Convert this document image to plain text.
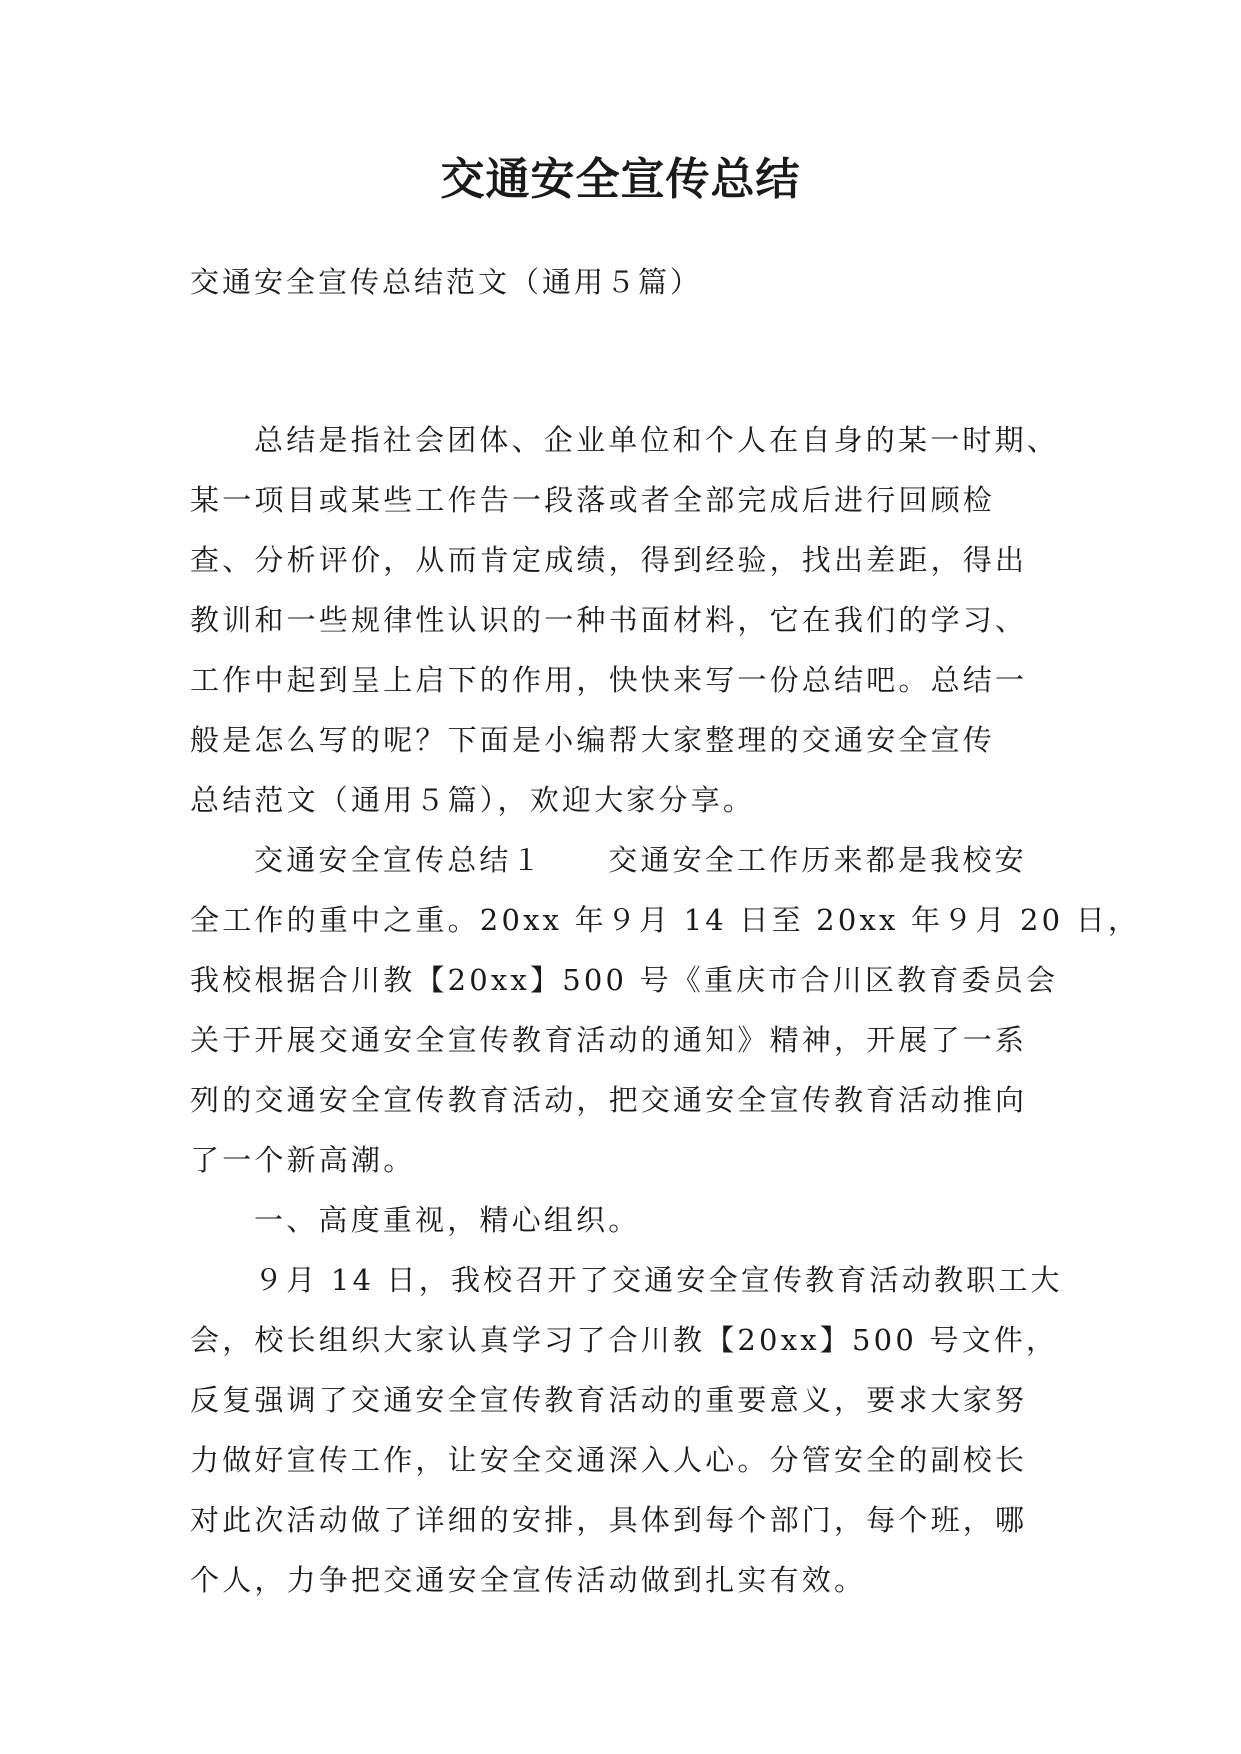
交通安全宣传总结
交通安全宣传总结范文（通用５篇）
总结是指社会团体、企业单位和个人在自身的某一时期、
某一项目或某些工作告一段落或者全部完成后进行回顾检
查、分析评价，从而肯定成绩，得到经验，找出差距，得出
教训和一些规律性认识的一种书面材料，它在我们的学习、
工作中起到呈上启下的作用，快快来写一份总结吧。总结一
般是怎么写的呢？下面是小编帮大家整理的交通安全宣传
总结范文（通用５篇），欢迎大家分享。
交通安全宣传总结１　　交通安全工作历来都是我校安
全工作的重中之重。20xx 年９月 14 日至 20xx 年９月 20 日，
我校根据合川教【20xx】500 号《重庆市合川区教育委员会
关于开展交通安全宣传教育活动的通知》精神，开展了一系
列的交通安全宣传教育活动，把交通安全宣传教育活动推向
了一个新高潮。
一、高度重视，精心组织。
９月 14 日，我校召开了交通安全宣传教育活动教职工大
会，校长组织大家认真学习了合川教【20xx】500 号文件，
反复强调了交通安全宣传教育活动的重要意义，要求大家努
力做好宣传工作，让安全交通深入人心。分管安全的副校长
对此次活动做了详细的安排，具体到每个部门，每个班，哪
个人，力争把交通安全宣传活动做到扎实有效。
